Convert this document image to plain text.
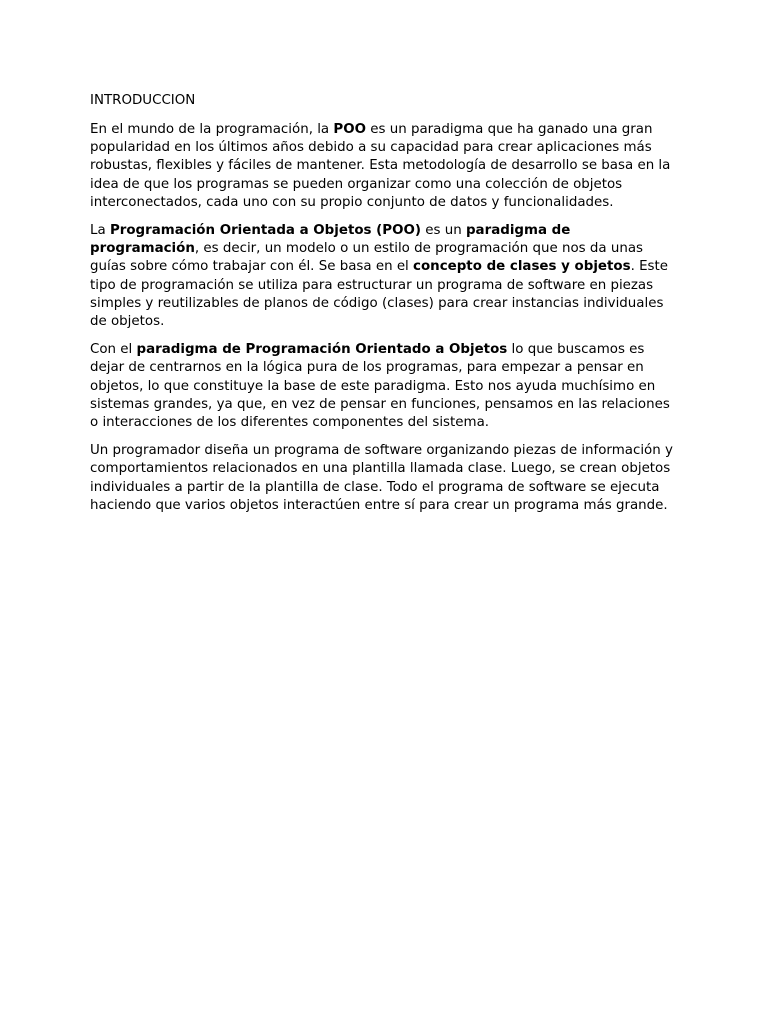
INTRODUCCION

En el mundo de la programación, la POO es un paradigma que ha ganado una gran popularidad en los últimos años debido a su capacidad para crear aplicaciones más robustas, flexibles y fáciles de mantener. Esta metodología de desarrollo se basa en la idea de que los programas se pueden organizar como una colección de objetos interconectados, cada uno con su propio conjunto de datos y funcionalidades.

La Programación Orientada a Objetos (POO) es un paradigma de programación, es decir, un modelo o un estilo de programación que nos da unas guías sobre cómo trabajar con él. Se basa en el concepto de clases y objetos. Este tipo de programación se utiliza para estructurar un programa de software en piezas simples y reutilizables de planos de código (clases) para crear instancias individuales de objetos.

Con el paradigma de Programación Orientado a Objetos lo que buscamos es dejar de centrarnos en la lógica pura de los programas, para empezar a pensar en objetos, lo que constituye la base de este paradigma. Esto nos ayuda muchísimo en sistemas grandes, ya que, en vez de pensar en funciones, pensamos en las relaciones o interacciones de los diferentes componentes del sistema.

Un programador diseña un programa de software organizando piezas de información y comportamientos relacionados en una plantilla llamada clase. Luego, se crean objetos individuales a partir de la plantilla de clase. Todo el programa de software se ejecuta haciendo que varios objetos interactúen entre sí para crear un programa más grande.
